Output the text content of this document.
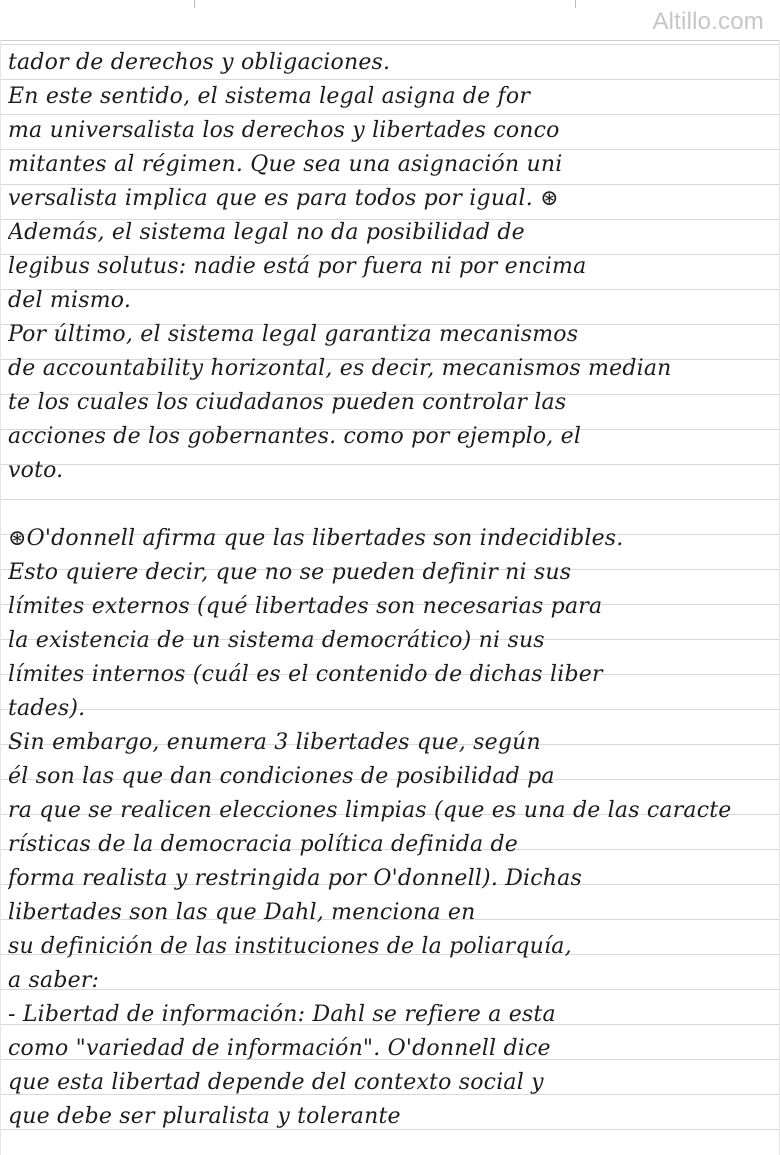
Altillo.com
tador de derechos y obligaciones.
En este sentido, el sistema legal asigna de for
ma universalista los derechos y libertades conco
mitantes al régimen. Que sea una asignación uni
versalista implica que es para todos por igual. ⊛
Además, el sistema legal no da posibilidad de
legibus solutus: nadie está por fuera ni por encima
del mismo.
Por último, el sistema legal garantiza mecanismos
de accountability horizontal, es decir, mecanismos median
te los cuales los ciudadanos pueden controlar las
acciones de los gobernantes. como por ejemplo, el
voto.
⊛O'donnell afirma que las libertades son indecidibles.
Esto quiere decir, que no se pueden definir ni sus
límites externos (qué libertades son necesarias para
la existencia de un sistema democrático) ni sus
límites internos (cuál es el contenido de dichas liber
tades).
Sin embargo, enumera 3 libertades que, según
él son las que dan condiciones de posibilidad pa
ra que se realicen elecciones limpias (que es una de las caracte
rísticas de la democracia política definida de
forma realista y restringida por O'donnell). Dichas
libertades son las que Dahl, menciona en
su definición de las instituciones de la poliarquía,
a saber:
- Libertad de información: Dahl se refiere a esta
como "variedad de información". O'donnell dice
que esta libertad depende del contexto social y
que debe ser pluralista y tolerante
